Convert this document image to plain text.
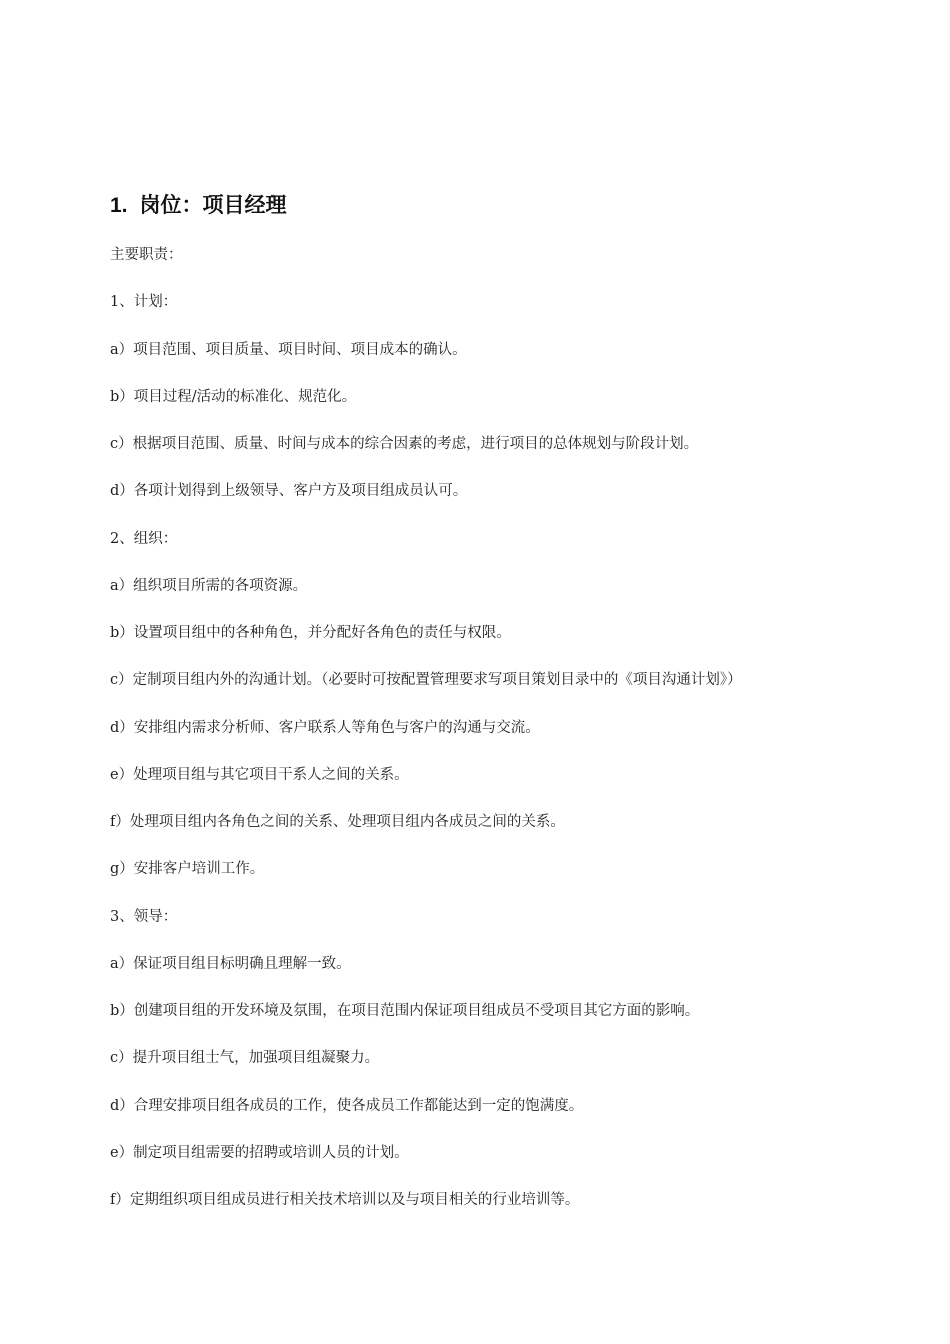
1. 岗位：项目经理
主要职责：
1、计划：
a）项目范围、项目质量、项目时间、项目成本的确认。
b）项目过程/活动的标准化、规范化。
c）根据项目范围、质量、时间与成本的综合因素的考虑，进行项目的总体规划与阶段计划。
d）各项计划得到上级领导、客户方及项目组成员认可。
2、组织：
a）组织项目所需的各项资源。
b）设置项目组中的各种角色，并分配好各角色的责任与权限。
c）定制项目组内外的沟通计划。（必要时可按配置管理要求写项目策划目录中的《项目沟通计划》）
d）安排组内需求分析师、客户联系人等角色与客户的沟通与交流。
e）处理项目组与其它项目干系人之间的关系。
f）处理项目组内各角色之间的关系、处理项目组内各成员之间的关系。
g）安排客户培训工作。
3、领导：
a）保证项目组目标明确且理解一致。
b）创建项目组的开发环境及氛围，在项目范围内保证项目组成员不受项目其它方面的影响。
c）提升项目组士气，加强项目组凝聚力。
d）合理安排项目组各成员的工作，使各成员工作都能达到一定的饱满度。
e）制定项目组需要的招聘或培训人员的计划。
f）定期组织项目组成员进行相关技术培训以及与项目相关的行业培训等。
